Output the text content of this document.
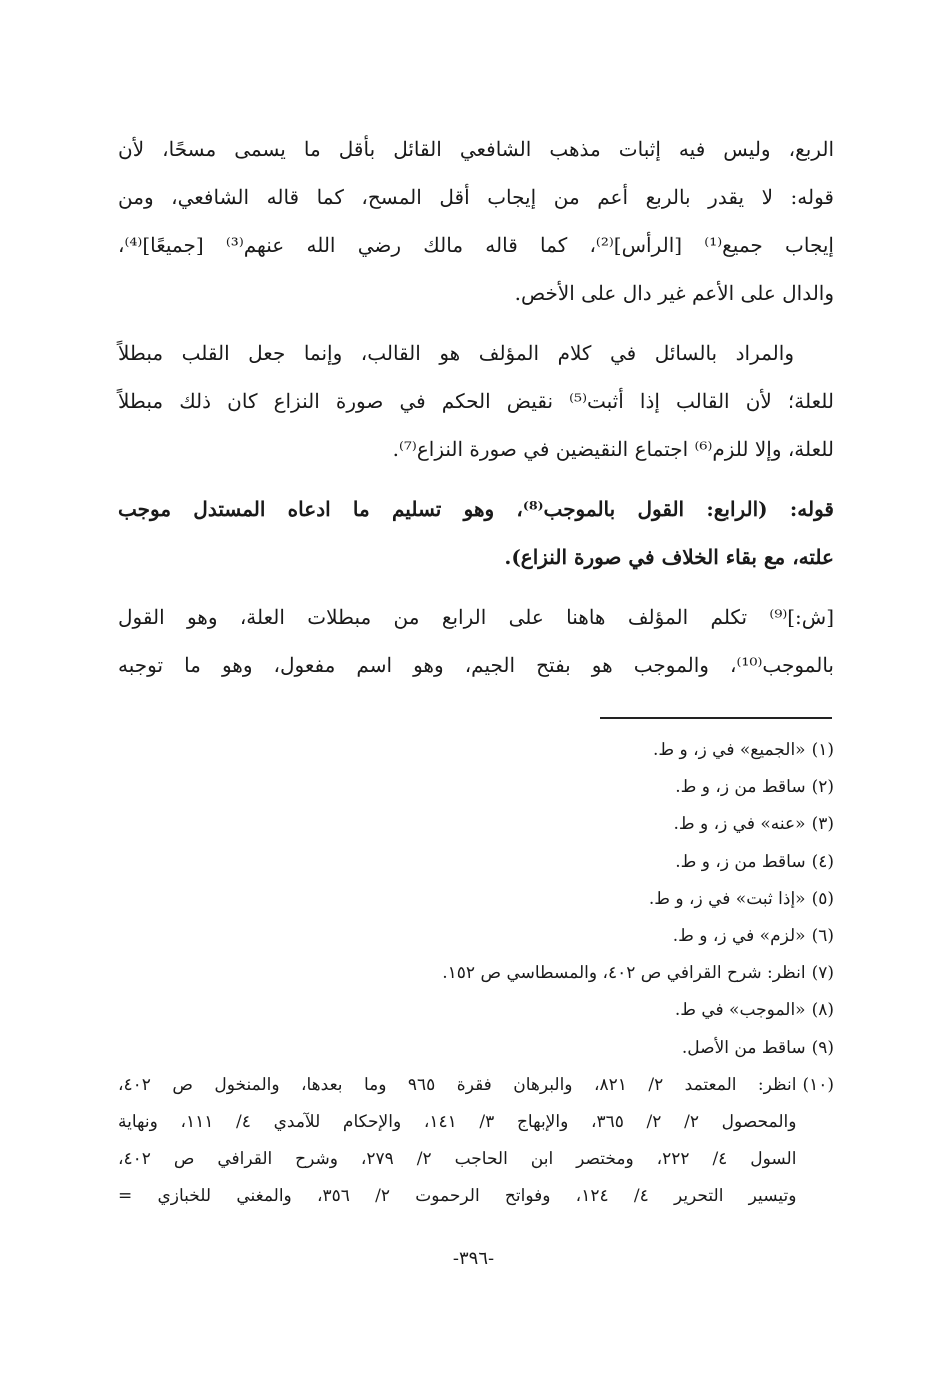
الربع، وليس فيه إثبات مذهب الشافعي القائل بأقل ما يسمى مسحًا، لأن
قوله: لا يقدر بالربع أعم من إيجاب أقل المسح، كما قاله الشافعي، ومن
إيجاب جميع⁽¹⁾ [الرأس]⁽²⁾، كما قاله مالك رضي الله عنهم⁽³⁾ [جميعًا]⁽⁴⁾،
والدال على الأعم غير دال على الأخص.
والمراد بالسائل في كلام المؤلف هو القالب، وإنما جعل القلب مبطلاً
للعلة؛ لأن القالب إذا أثبت⁽⁵⁾ نقيض الحكم في صورة النزاع كان ذلك مبطلاً
للعلة، وإلا للزم⁽⁶⁾ اجتماع النقيضين في صورة النزاع⁽⁷⁾.
قوله: (الرابع: القول بالموجب⁽⁸⁾، وهو تسليم ما ادعاه المستدل موجب
علته، مع بقاء الخلاف في صورة النزاع).
[ش:]⁽⁹⁾ تكلم المؤلف هاهنا على الرابع من مبطلات العلة، وهو القول
بالموجب⁽¹⁰⁾، والموجب هو بفتح الجيم، وهو اسم مفعول، وهو ما توجبه
(١)
«الجميع» في ز، و ط.
(٢)
ساقط من ز، و ط.
(٣)
«عنه» في ز، و ط.
(٤)
ساقط من ز، و ط.
(٥)
«إذا ثبت» في ز، و ط.
(٦)
«لزم» في ز، و ط.
(٧)
انظر: شرح القرافي ص ٤٠٢، والمسطاسي ص ١٥٢.
(٨)
«الموجب» في ط.
(٩)
ساقط من الأصل.
(١٠)
انظر: المعتمد ٢/ ٨٢١، والبرهان فقرة ٩٦٥ وما بعدها، والمنخول ص ٤٠٢،
والمحصول ٢/ ٢/ ٣٦٥، والإبهاج ٣/ ١٤١، والإحكام للآمدي ٤/ ١١١، ونهاية
السول ٤/ ٢٢٢، ومختصر ابن الحاجب ٢/ ٢٧٩، وشرح القرافي ص ٤٠٢،
وتيسير التحرير ٤/ ١٢٤، وفواتح الرحموت ٢/ ٣٥٦، والمغني للخبازي =
-٣٩٦-
